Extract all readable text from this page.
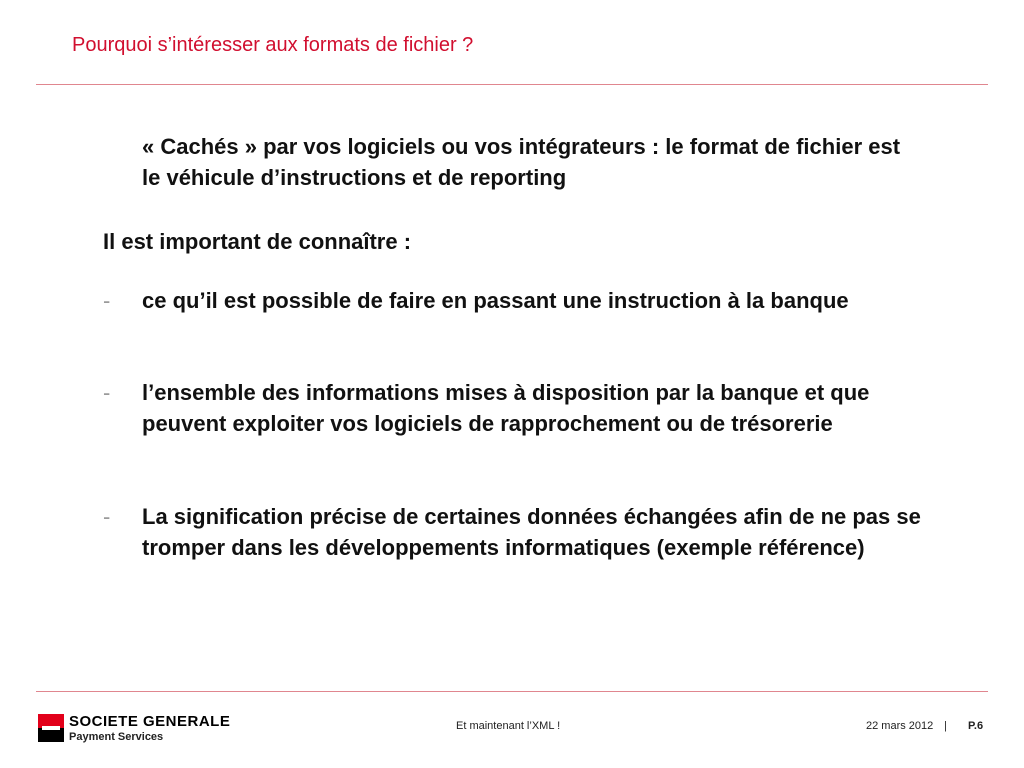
Pourquoi s’intéresser aux formats de fichier ?
« Cachés » par vos logiciels ou vos intégrateurs : le format de fichier est le véhicule d’instructions et de reporting
Il est important de connaître :
-	ce qu’il est possible de faire en passant une instruction à la banque
-	l’ensemble des informations mises à disposition par la banque et que peuvent exploiter vos logiciels de rapprochement ou de trésorerie
-	La signification précise de certaines données échangées afin de ne pas se tromper dans les développements informatiques (exemple référence)
SOCIETE GENERALE
Payment Services
Et maintenant l’XML !	22 mars 2012 | P.6
